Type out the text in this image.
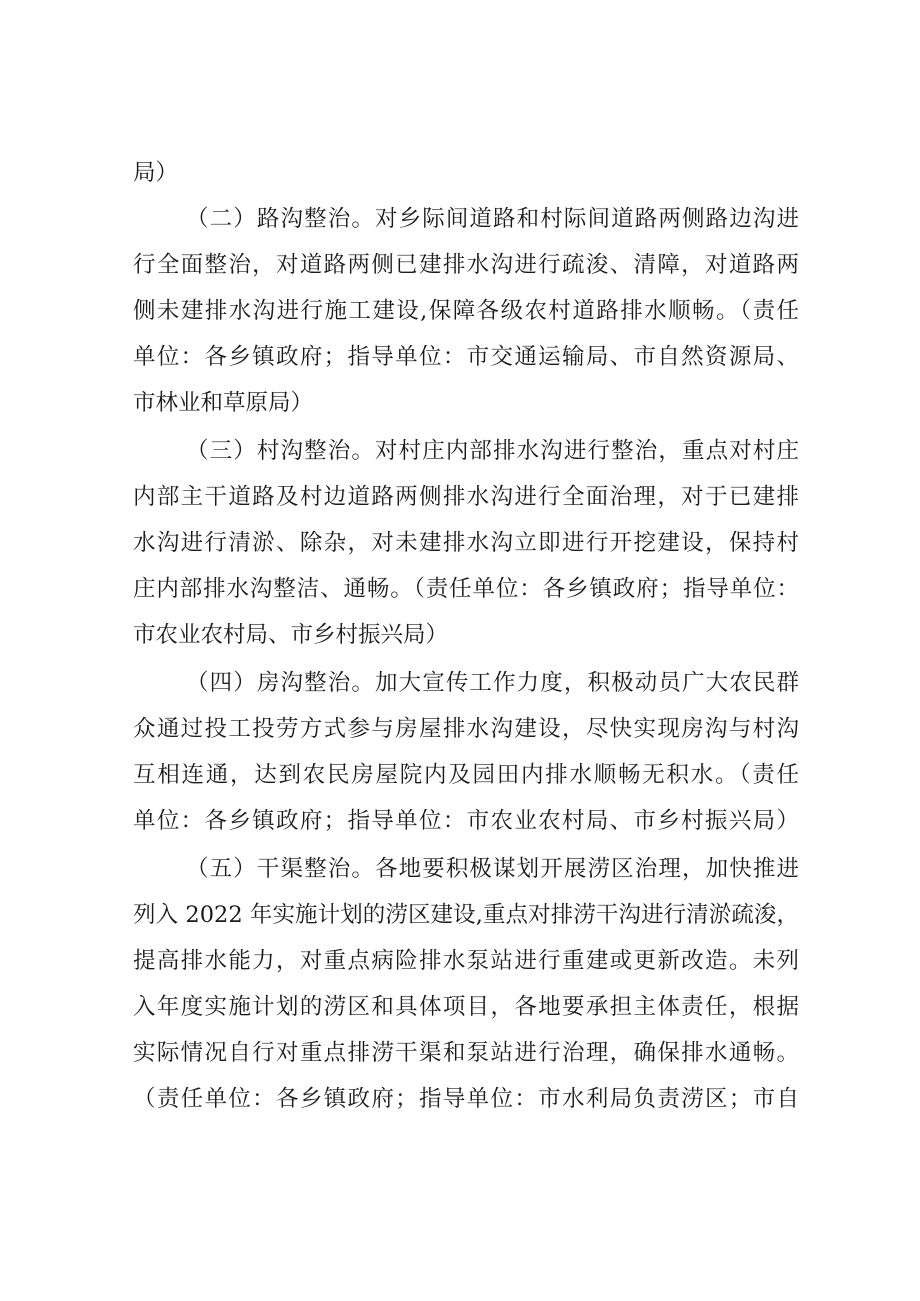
局）
（二）路沟整治。对乡际间道路和村际间道路两侧路边沟进
行全面整治，对道路两侧已建排水沟进行疏浚、清障，对道路两
侧未建排水沟进行施工建设,保障各级农村道路排水顺畅。（责任
单位：各乡镇政府；指导单位：市交通运输局、市自然资源局、
市林业和草原局）
（三）村沟整治。对村庄内部排水沟进行整治，重点对村庄
内部主干道路及村边道路两侧排水沟进行全面治理，对于已建排
水沟进行清淤、除杂，对未建排水沟立即进行开挖建设，保持村
庄内部排水沟整洁、通畅。（责任单位：各乡镇政府；指导单位：
市农业农村局、市乡村振兴局）
（四）房沟整治。加大宣传工作力度，积极动员广大农民群
众通过投工投劳方式参与房屋排水沟建设，尽快实现房沟与村沟
互相连通，达到农民房屋院内及园田内排水顺畅无积水。（责任
单位：各乡镇政府；指导单位：市农业农村局、市乡村振兴局）
（五）干渠整治。各地要积极谋划开展涝区治理，加快推进
列入 2022 年实施计划的涝区建设,重点对排涝干沟进行清淤疏浚，
提高排水能力，对重点病险排水泵站进行重建或更新改造。未列
入年度实施计划的涝区和具体项目，各地要承担主体责任，根据
实际情况自行对重点排涝干渠和泵站进行治理，确保排水通畅。
（责任单位：各乡镇政府；指导单位：市水利局负责涝区；市自
